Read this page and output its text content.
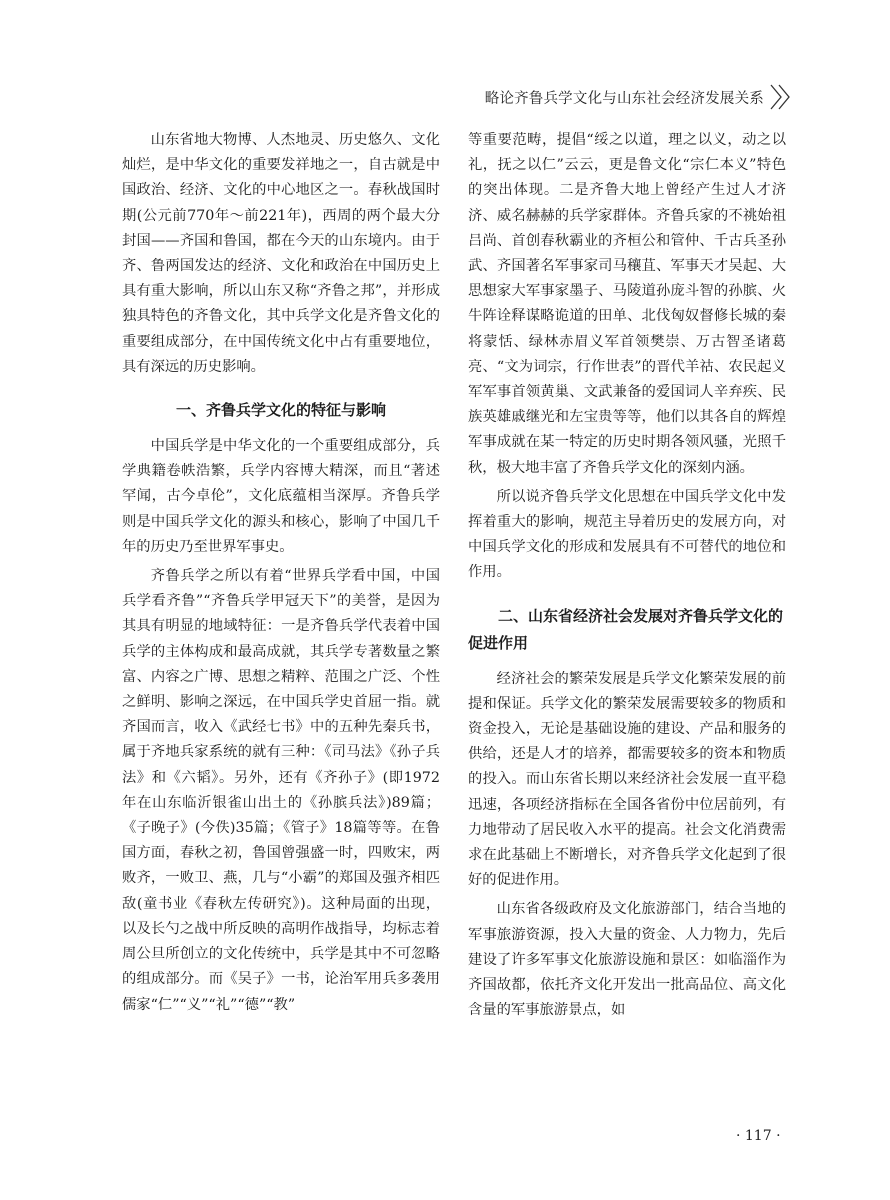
略论齐鲁兵学文化与山东社会经济发展关系

山东省地大物博、人杰地灵、历史悠久、文化灿烂，是中华文化的重要发祥地之一，自古就是中国政治、经济、文化的中心地区之一。春秋战国时期(公元前770年～前221年)，西周的两个最大分封国——齐国和鲁国，都在今天的山东境内。由于齐、鲁两国发达的经济、文化和政治在中国历史上具有重大影响，所以山东又称“齐鲁之邦”，并形成独具特色的齐鲁文化，其中兵学文化是齐鲁文化的重要组成部分，在中国传统文化中占有重要地位，具有深远的历史影响。

一、齐鲁兵学文化的特征与影响

中国兵学是中华文化的一个重要组成部分，兵学典籍卷帙浩繁，兵学内容博大精深，而且“著述罕闻，古今卓伦”，文化底蕴相当深厚。齐鲁兵学则是中国兵学文化的源头和核心，影响了中国几千年的历史乃至世界军事史。

齐鲁兵学之所以有着“世界兵学看中国，中国兵学看齐鲁”“齐鲁兵学甲冠天下”的美誉，是因为其具有明显的地域特征：一是齐鲁兵学代表着中国兵学的主体构成和最高成就，其兵学专著数量之繁富、内容之广博、思想之精粹、范围之广泛、个性之鲜明、影响之深远，在中国兵学史首屈一指。就齐国而言，收入《武经七书》中的五种先秦兵书，属于齐地兵家系统的就有三种：《司马法》《孙子兵法》和《六韬》。另外，还有《齐孙子》(即1972年在山东临沂银雀山出土的《孙膑兵法》)89篇；《子晚子》(今佚)35篇；《管子》18篇等等。在鲁国方面，春秋之初，鲁国曾强盛一时，四败宋，两败齐，一败卫、燕，几与“小霸”的郑国及强齐相匹敌(童书业《春秋左传研究》)。这种局面的出现，以及长勺之战中所反映的高明作战指导，均标志着周公旦所创立的文化传统中，兵学是其中不可忽略的组成部分。而《吴子》一书，论治军用兵多袭用儒家“仁”“义”“礼”“德”“教”

等重要范畴，提倡“绥之以道，理之以义，动之以礼，抚之以仁”云云，更是鲁文化“宗仁本义”特色的突出体现。二是齐鲁大地上曾经产生过人才济济、威名赫赫的兵学家群体。齐鲁兵家的不祧始祖吕尚、首创春秋霸业的齐桓公和管仲、千古兵圣孙武、齐国著名军事家司马穰苴、军事天才吴起、大思想家大军事家墨子、马陵道孙庞斗智的孙膑、火牛阵诠释谋略诡道的田单、北伐匈奴督修长城的秦将蒙恬、绿林赤眉义军首领樊崇、万古智圣诸葛亮、“文为词宗，行作世表”的晋代羊祜、农民起义军军事首领黄巢、文武兼备的爱国词人辛弃疾、民族英雄戚继光和左宝贵等等，他们以其各自的辉煌军事成就在某一特定的历史时期各领风骚，光照千秋，极大地丰富了齐鲁兵学文化的深刻内涵。

所以说齐鲁兵学文化思想在中国兵学文化中发挥着重大的影响，规范主导着历史的发展方向，对中国兵学文化的形成和发展具有不可替代的地位和作用。

二、山东省经济社会发展对齐鲁兵学文化的促进作用

经济社会的繁荣发展是兵学文化繁荣发展的前提和保证。兵学文化的繁荣发展需要较多的物质和资金投入，无论是基础设施的建设、产品和服务的供给，还是人才的培养，都需要较多的资本和物质的投入。而山东省长期以来经济社会发展一直平稳迅速，各项经济指标在全国各省份中位居前列，有力地带动了居民收入水平的提高。社会文化消费需求在此基础上不断增长，对齐鲁兵学文化起到了很好的促进作用。

山东省各级政府及文化旅游部门，结合当地的军事旅游资源，投入大量的资金、人力物力，先后建设了许多军事文化旅游设施和景区：如临淄作为齐国故都，依托齐文化开发出一批高品位、高文化含量的军事旅游景点，如

· 117 ·
